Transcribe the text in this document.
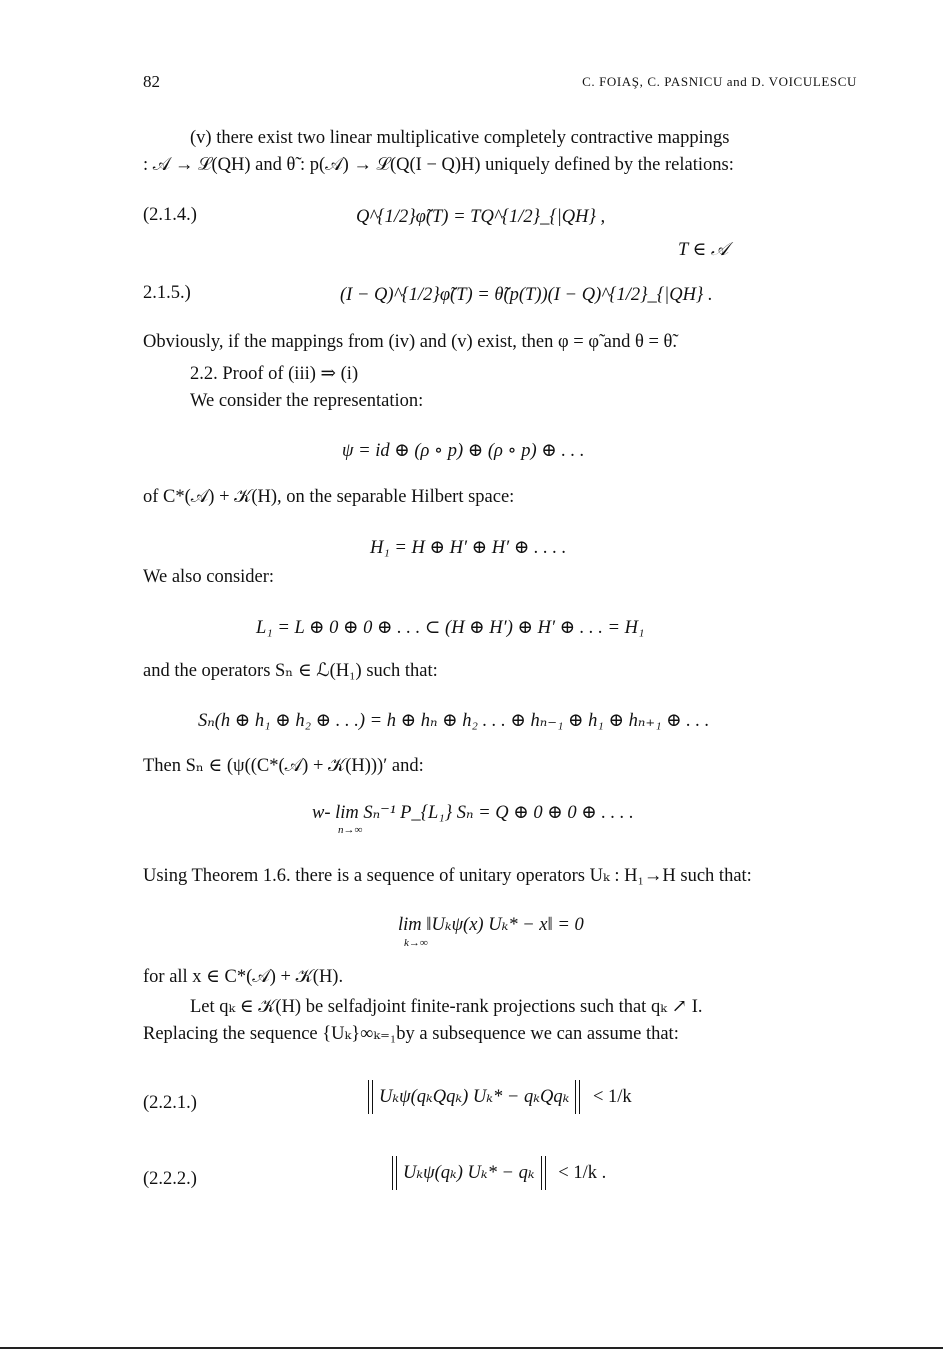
82	C. FOIAŞ, C. PASNICU and D. VOICULESCU
(v) there exist two linear multiplicative completely contractive mappings
: 𝒜 → ℒ(QH) and θ̃ : p(𝒜) → ℒ(Q(I − Q)H) uniquely defined by the relations:
(2.1.4.)	Q^{1/2}φ̃(T) = TQ^{1/2}_{|QH} ,
T ∈ 𝒜
2.1.5.)	(I − Q)^{1/2}φ̃(T) = θ̃(p(T))(I − Q)^{1/2}_{|QH} .
Obviously, if the mappings from (iv) and (v) exist, then φ = φ̃ and θ = θ̃.
2.2. Proof of (iii) ⇒ (i)
We consider the representation:
ψ = id ⊕ (ρ ∘ p) ⊕ (ρ ∘ p) ⊕ . . .
of C*(𝒜) + 𝒦(H), on the separable Hilbert space:
H₁ = H ⊕ H′ ⊕ H′ ⊕ . . . .
We also consider:
L₁ = L ⊕ 0 ⊕ 0 ⊕ . . . ⊂ (H ⊕ H′) ⊕ H′ ⊕ . . . = H₁
and the operators Sₙ ∈ ℒ(H₁) such that:
Sₙ(h ⊕ h₁ ⊕ h₂ ⊕ . . .) = h ⊕ hₙ ⊕ h₂ . . . ⊕ hₙ₋₁ ⊕ h₁ ⊕ hₙ₊₁ ⊕ . . .
Then Sₙ ∈ (ψ((C*(𝒜) + 𝒦(H)))′ and:
w- lim Sₙ⁻¹ P_{L₁} Sₙ = Q ⊕ 0 ⊕ 0 ⊕ . . . .
n→∞
Using Theorem 1.6. there is a sequence of unitary operators Uₖ : H₁→H such that:
lim ‖Uₖψ(x) Uₖ* − x‖ = 0
k→∞
for all x ∈ C*(𝒜) + 𝒦(H).
Let qₖ ∈ 𝒦(H) be selfadjoint finite-rank projections such that qₖ ↗ I.
Replacing the sequence {Uₖ}∞ₖ₌₁by a subsequence we can assume that:
(2.2.1.)	Uₖψ(qₖQqₖ) Uₖ* − qₖQqₖ < 1/k
(2.2.2.)	Uₖψ(qₖ) Uₖ* − qₖ < 1/k .
